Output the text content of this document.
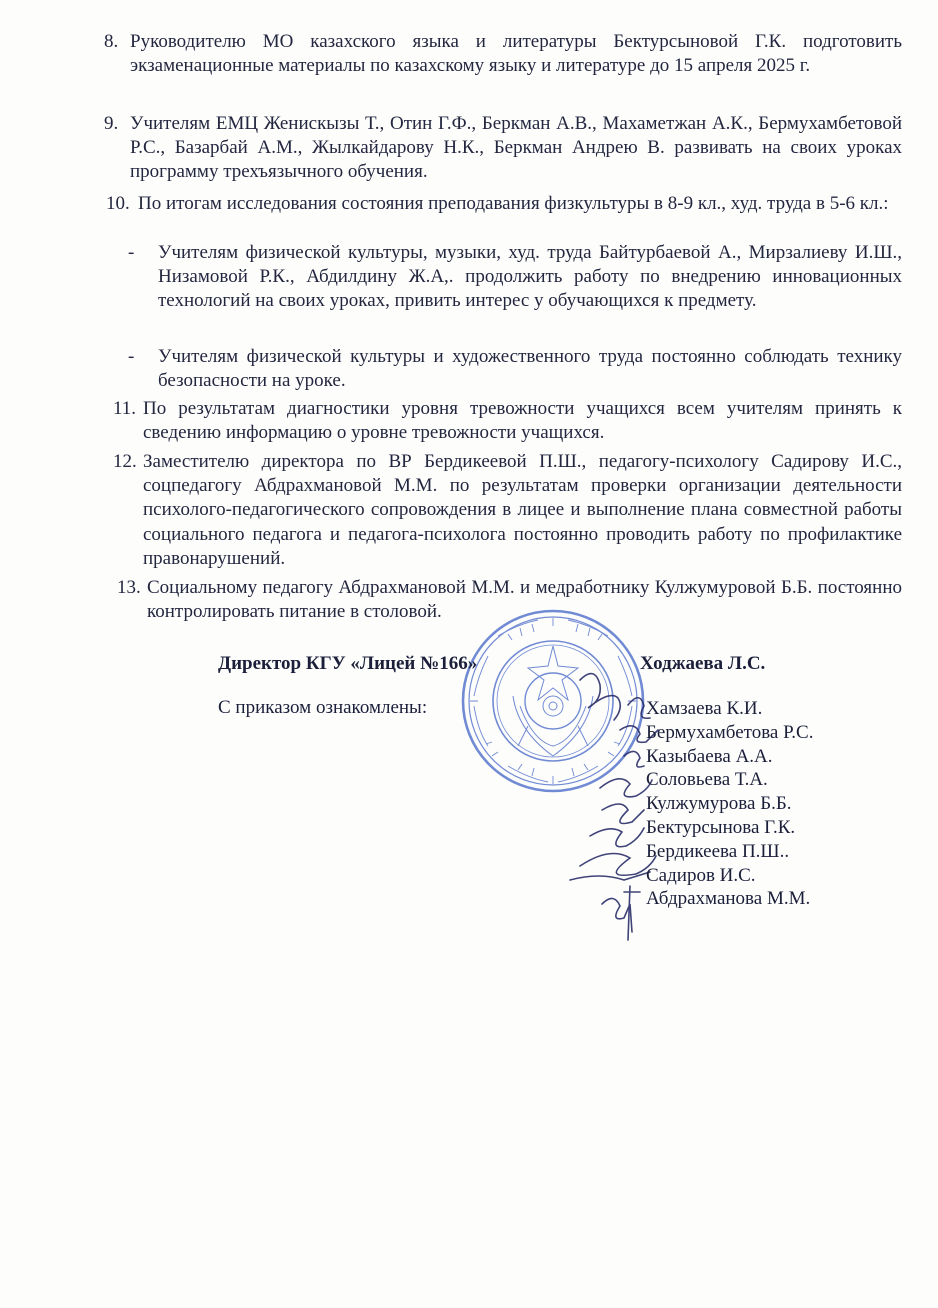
8. Руководителю МО казахского языка и литературы Бектурсыновой Г.К. подготовить экзаменационные материалы по казахскому языку и литературе до 15 апреля 2025 г.
9. Учителям ЕМЦ Женискызы Т., Отин Г.Ф., Беркман А.В., Махаметжан А.К., Бермухамбетовой Р.С., Базарбай А.М., Жылкайдарову Н.К., Беркман Андрею В. развивать на своих уроках программу трехъязычного обучения.
10. По итогам исследования состояния преподавания физкультуры в 8-9 кл., худ. труда в 5-6 кл.:
- Учителям физической культуры, музыки, худ. труда Байтурбаевой А., Мирзалиеву И.Ш., Низамовой Р.К., Абдилдину Ж.А,. продолжить работу по внедрению инновационных технологий на своих уроках, привить интерес у обучающихся к предмету.
- Учителям физической культуры и художественного труда постоянно соблюдать технику безопасности на уроке.
11. По результатам диагностики уровня тревожности учащихся всем учителям принять к сведению информацию о уровне тревожности учащихся.
12. Заместителю директора по ВР Бердикеевой П.Ш., педагогу-психологу Садирову И.С., соцпедагогу Абдрахмановой М.М. по результатам проверки организации деятельности психолого-педагогического сопровождения в лицее и выполнение плана совместной работы социального педагога и педагога-психолога постоянно проводить работу по профилактике правонарушений.
13. Социальному педагогу Абдрахмановой М.М. и медработнику Кулжумуровой Б.Б. постоянно контролировать питание в столовой.
Директор КГУ «Лицей №166»	Ходжаева Л.С.
С приказом ознакомлены:	Хамзаева К.И.
Бермухамбетова Р.С.
Казыбаева А.А.
Соловьева Т.А.
Кулжумурова Б.Б.
Бектурсынова Г.К.
Бердикеева П.Ш..
Садиров И.С.
Абдрахманова М.М.
